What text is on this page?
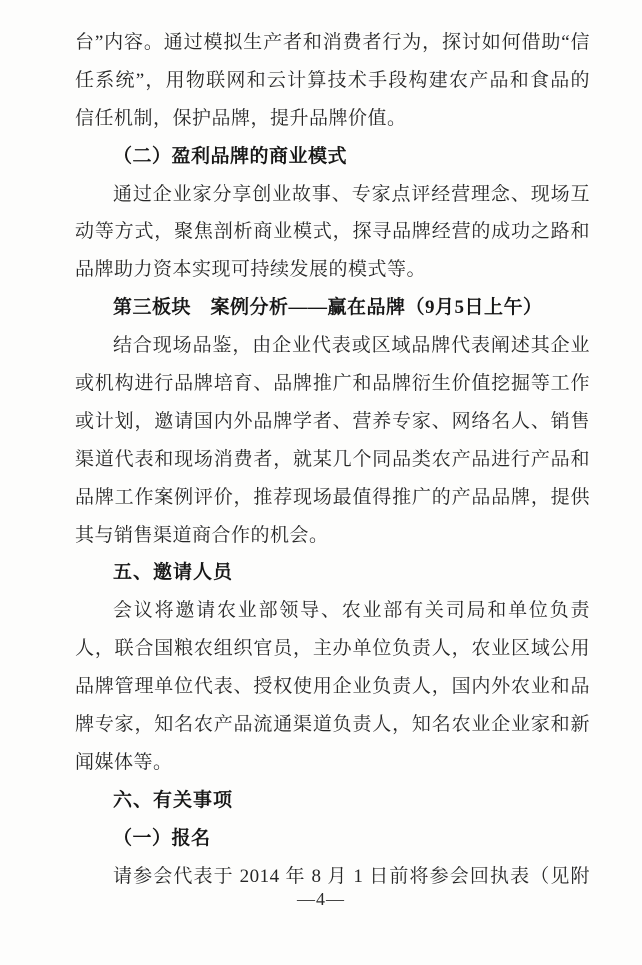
台”内容。通过模拟生产者和消费者行为，探讨如何借助“信
任系统”，用物联网和云计算技术手段构建农产品和食品的
信任机制，保护品牌，提升品牌价值。
（二）盈利品牌的商业模式
通过企业家分享创业故事、专家点评经营理念、现场互
动等方式，聚焦剖析商业模式，探寻品牌经营的成功之路和
品牌助力资本实现可持续发展的模式等。
第三板块　案例分析——赢在品牌（9月5日上午）
结合现场品鉴，由企业代表或区域品牌代表阐述其企业
或机构进行品牌培育、品牌推广和品牌衍生价值挖掘等工作
或计划，邀请国内外品牌学者、营养专家、网络名人、销售
渠道代表和现场消费者，就某几个同品类农产品进行产品和
品牌工作案例评价，推荐现场最值得推广的产品品牌，提供
其与销售渠道商合作的机会。
五、邀请人员
会议将邀请农业部领导、农业部有关司局和单位负责
人，联合国粮农组织官员，主办单位负责人，农业区域公用
品牌管理单位代表、授权使用企业负责人，国内外农业和品
牌专家，知名农产品流通渠道负责人，知名农业企业家和新
闻媒体等。
六、有关事项
（一）报名
请参会代表于 2014 年 8 月 1 日前将参会回执表（见附
—4—
